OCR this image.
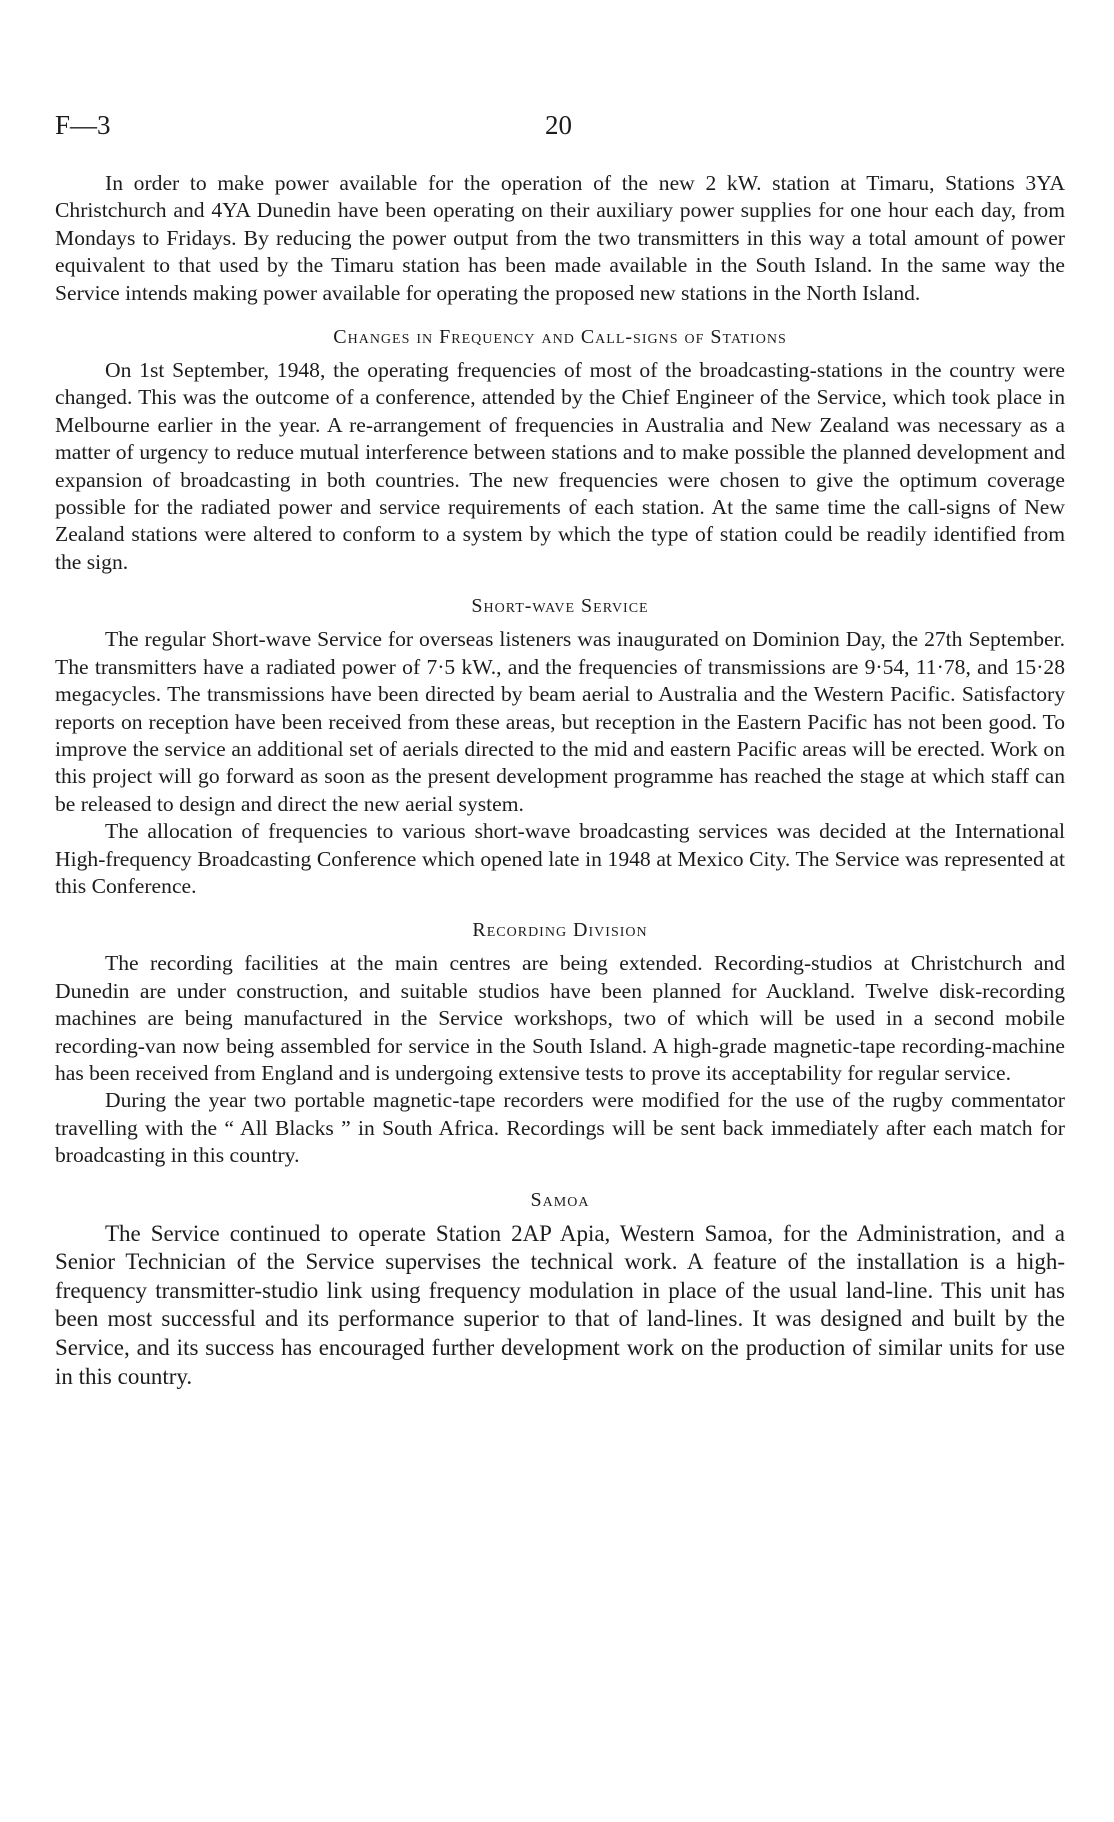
F—3	20

In order to make power available for the operation of the new 2 kW. station at Timaru, Stations 3YA Christchurch and 4YA Dunedin have been operating on their auxiliary power supplies for one hour each day, from Mondays to Fridays. By reducing the power output from the two transmitters in this way a total amount of power equivalent to that used by the Timaru station has been made available in the South Island. In the same way the Service intends making power available for operating the proposed new stations in the North Island.

Changes in Frequency and Call-signs of Stations

On 1st September, 1948, the operating frequencies of most of the broadcasting-stations in the country were changed. This was the outcome of a conference, attended by the Chief Engineer of the Service, which took place in Melbourne earlier in the year. A re-arrangement of frequencies in Australia and New Zealand was necessary as a matter of urgency to reduce mutual interference between stations and to make possible the planned development and expansion of broadcasting in both countries. The new frequencies were chosen to give the optimum coverage possible for the radiated power and service requirements of each station. At the same time the call-signs of New Zealand stations were altered to conform to a system by which the type of station could be readily identified from the sign.

Short-wave Service

The regular Short-wave Service for overseas listeners was inaugurated on Dominion Day, the 27th September. The transmitters have a radiated power of 7·5 kW., and the frequencies of transmissions are 9·54, 11·78, and 15·28 megacycles. The transmissions have been directed by beam aerial to Australia and the Western Pacific. Satisfactory reports on reception have been received from these areas, but reception in the Eastern Pacific has not been good. To improve the service an additional set of aerials directed to the mid and eastern Pacific areas will be erected. Work on this project will go forward as soon as the present development programme has reached the stage at which staff can be released to design and direct the new aerial system.

The allocation of frequencies to various short-wave broadcasting services was decided at the International High-frequency Broadcasting Conference which opened late in 1948 at Mexico City. The Service was represented at this Conference.

Recording Division

The recording facilities at the main centres are being extended. Recording-studios at Christchurch and Dunedin are under construction, and suitable studios have been planned for Auckland. Twelve disk-recording machines are being manufactured in the Service workshops, two of which will be used in a second mobile recording-van now being assembled for service in the South Island. A high-grade magnetic-tape recording-machine has been received from England and is undergoing extensive tests to prove its acceptability for regular service.

During the year two portable magnetic-tape recorders were modified for the use of the rugby commentator travelling with the “ All Blacks ” in South Africa. Recordings will be sent back immediately after each match for broadcasting in this country.

Samoa

The Service continued to operate Station 2AP Apia, Western Samoa, for the Administration, and a Senior Technician of the Service supervises the technical work. A feature of the installation is a high-frequency transmitter-studio link using frequency modulation in place of the usual land-line. This unit has been most successful and its performance superior to that of land-lines. It was designed and built by the Service, and its success has encouraged further development work on the production of similar units for use in this country.
